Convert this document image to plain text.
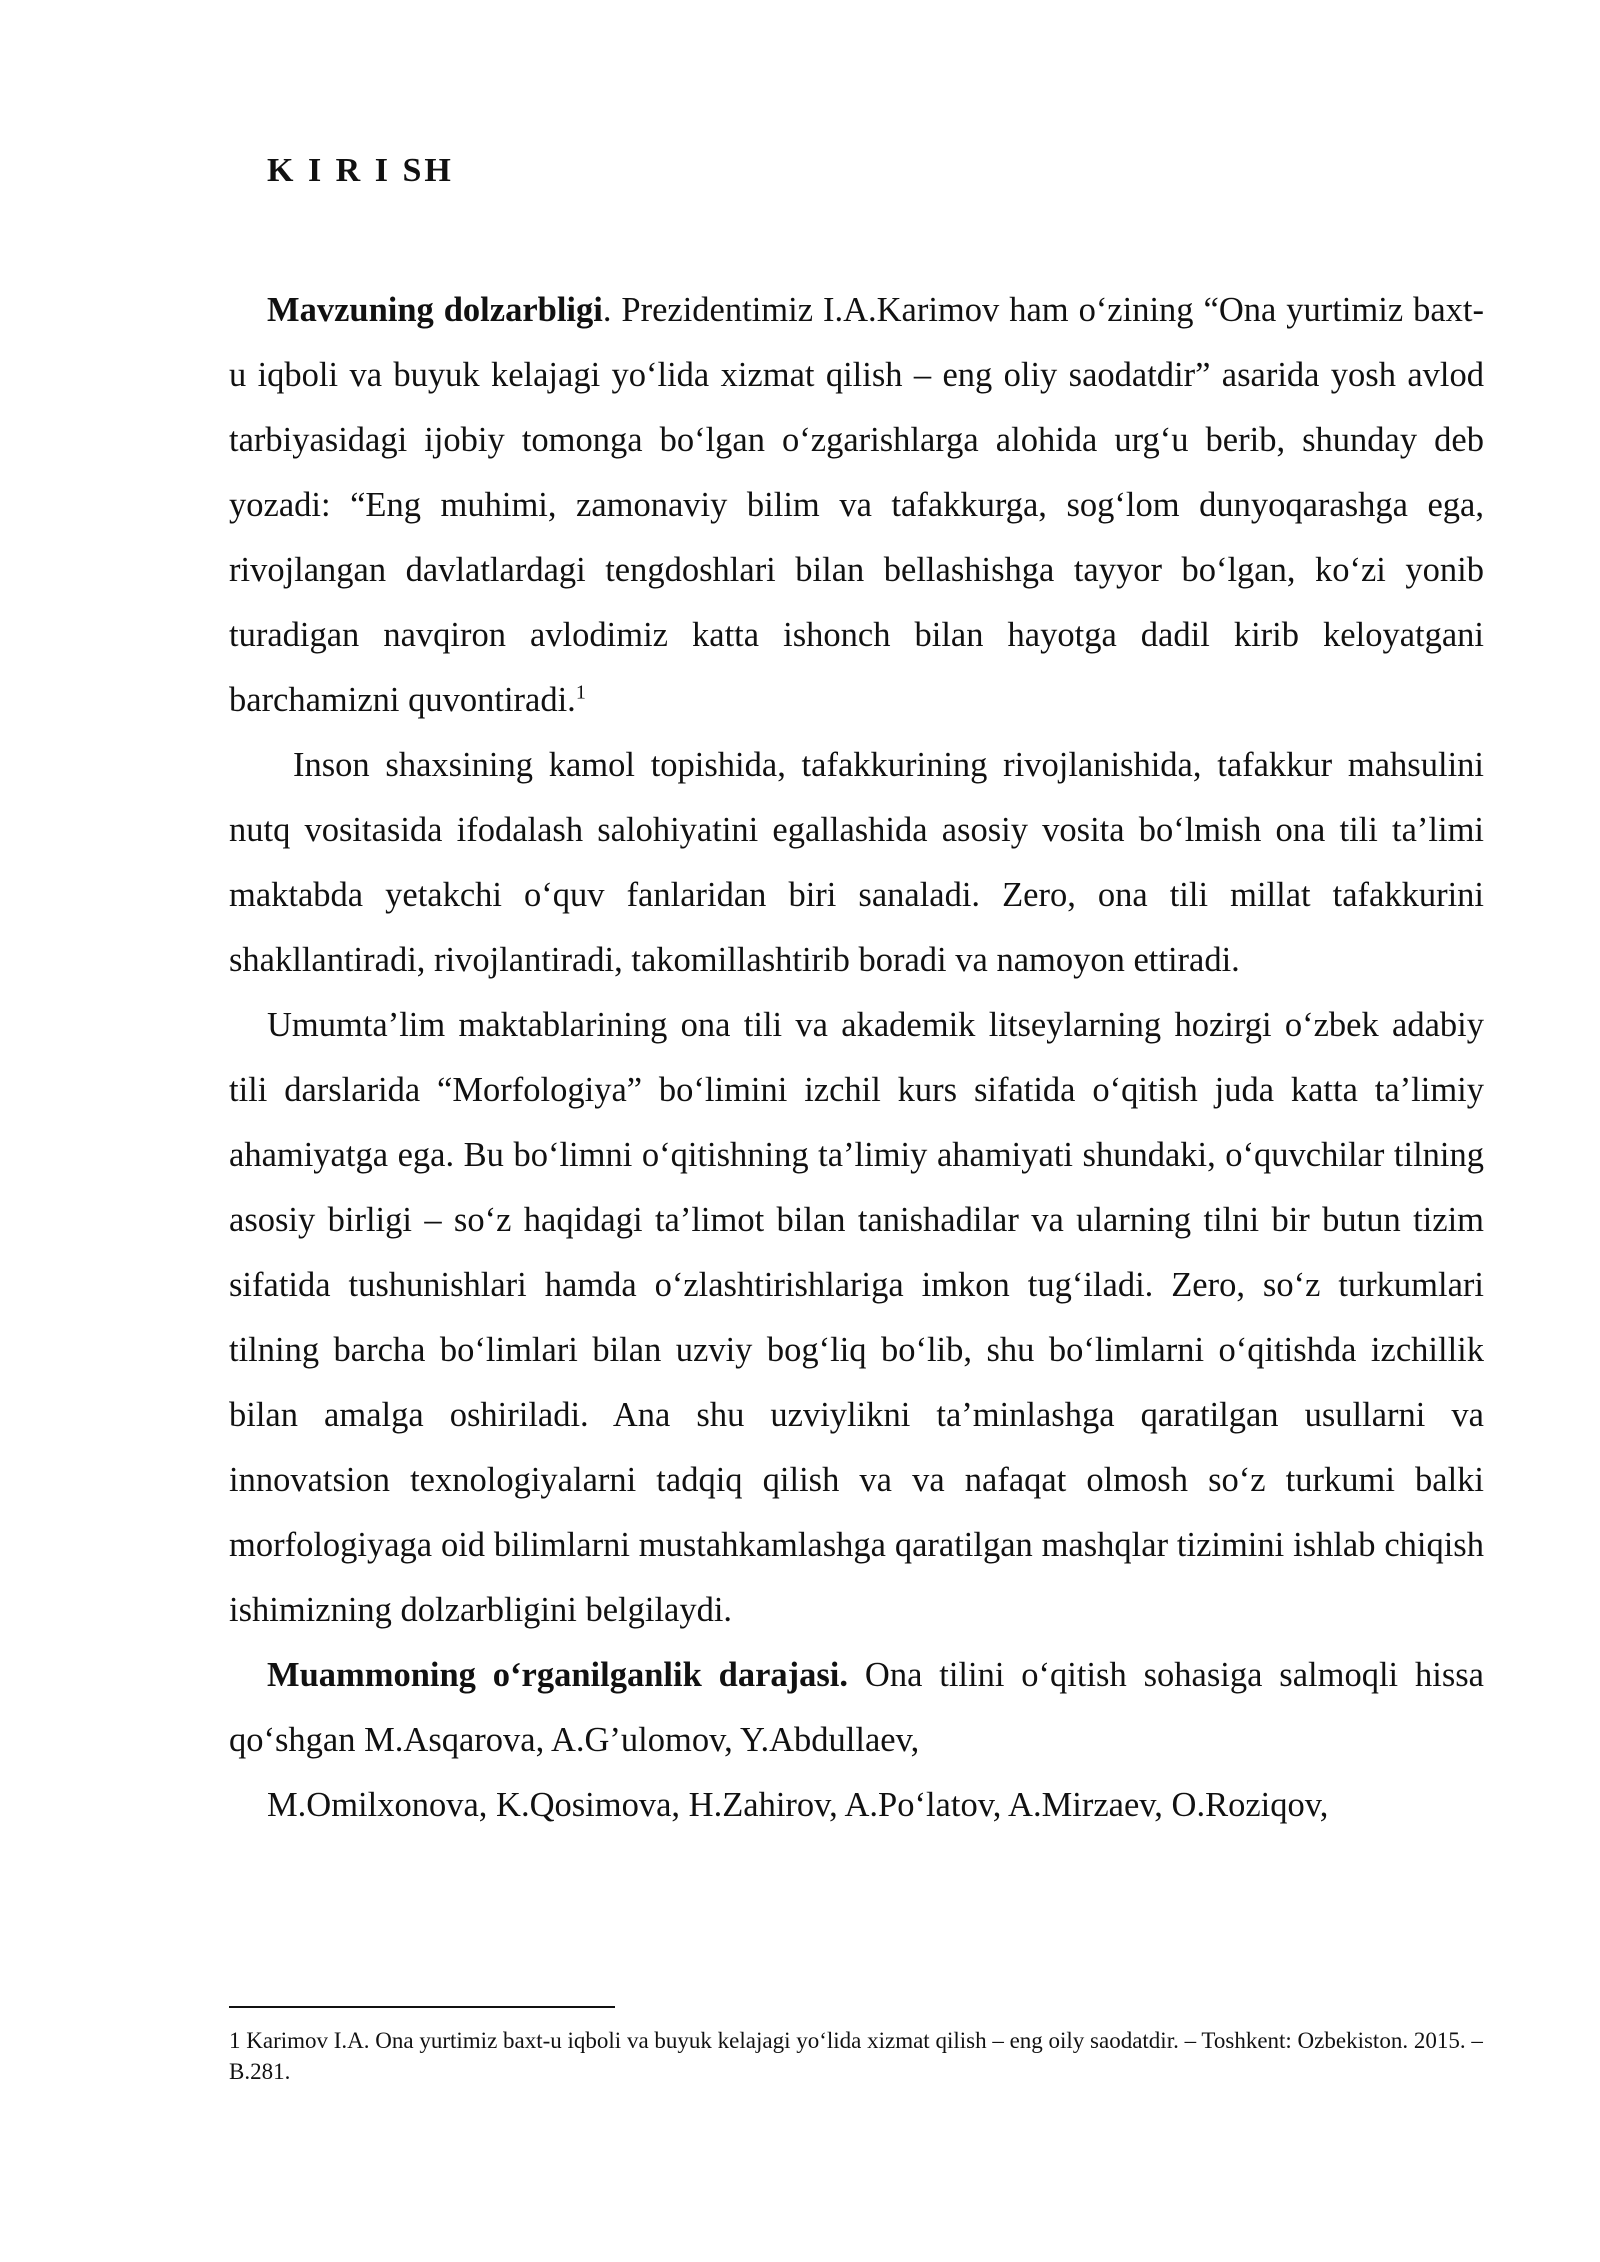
K I R I SH

Mavzuning dolzarbligi. Prezidentimiz I.A.Karimov ham o‘zining “Ona yurtimiz baxt-u iqboli va buyuk kelajagi yo‘lida xizmat qilish – eng oliy saodatdir” asarida yosh avlod tarbiyasidagi ijobiy tomonga bo‘lgan o‘zgarishlarga alohida urg‘u berib, shunday deb yozadi: “Eng muhimi, zamonaviy bilim va tafakkurga, sog‘lom dunyoqarashga ega, rivojlangan davlatlardagi tengdoshlari bilan bellashishga tayyor bo‘lgan, ko‘zi yonib turadigan navqiron avlodimiz katta ishonch bilan hayotga dadil kirib keloyatgani barchamizni quvontiradi.$^1$

Inson shaxsining kamol topishida, tafakkurining rivojlanishida, tafakkur mahsulini nutq vositasida ifodalash salohiyatini egallashida asosiy vosita bo‘lmish ona tili ta’limi maktabda yetakchi o‘quv fanlaridan biri sanaladi. Zero, ona tili millat tafakkurini shakllantiradi, rivojlantiradi, takomillashtirib boradi va namoyon ettiradi.

Umumta’lim maktablarining ona tili va akademik litseylarning hozirgi o‘zbek adabiy tili darslarida “Morfologiya” bo‘limini izchil kurs sifatida o‘qitish juda katta ta’limiy ahamiyatga ega. Bu bo‘limni o‘qitishning ta’limiy ahamiyati shundaki, o‘quvchilar tilning asosiy birligi – so‘z haqidagi ta’limot bilan tanishadilar va ularning tilni bir butun tizim sifatida tushunishlari hamda o‘zlashtirishlariga imkon tug‘iladi. Zero, so‘z turkumlari tilning barcha bo‘limlari bilan uzviy bog‘liq bo‘lib, shu bo‘limlarni o‘qitishda izchillik bilan amalga oshiriladi. Ana shu uzviylikni ta’minlashga qaratilgan usullarni va innovatsion texnologiyalarni tadqiq qilish va va nafaqat olmosh so‘z turkumi balki morfologiyaga oid bilimlarni mustahkamlashga qaratilgan mashqlar tizimini ishlab chiqish ishimizning dolzarbligini belgilaydi.

Muammoning o‘rganilganlik darajasi. Ona tilini o‘qitish sohasiga salmoqli hissa qo‘shgan M.Asqarova, A.G’ulomov, Y.Abdullaev,

M.Omilxonova, K.Qosimova, H.Zahirov, A.Po‘latov, A.Mirzaev, O.Roziqov,

1 Karimov I.A. Ona yurtimiz baxt-u iqboli va buyuk kelajagi yo‘lida xizmat qilish – eng oily saodatdir. – Toshkent: Ozbekiston. 2015. –B.281.
